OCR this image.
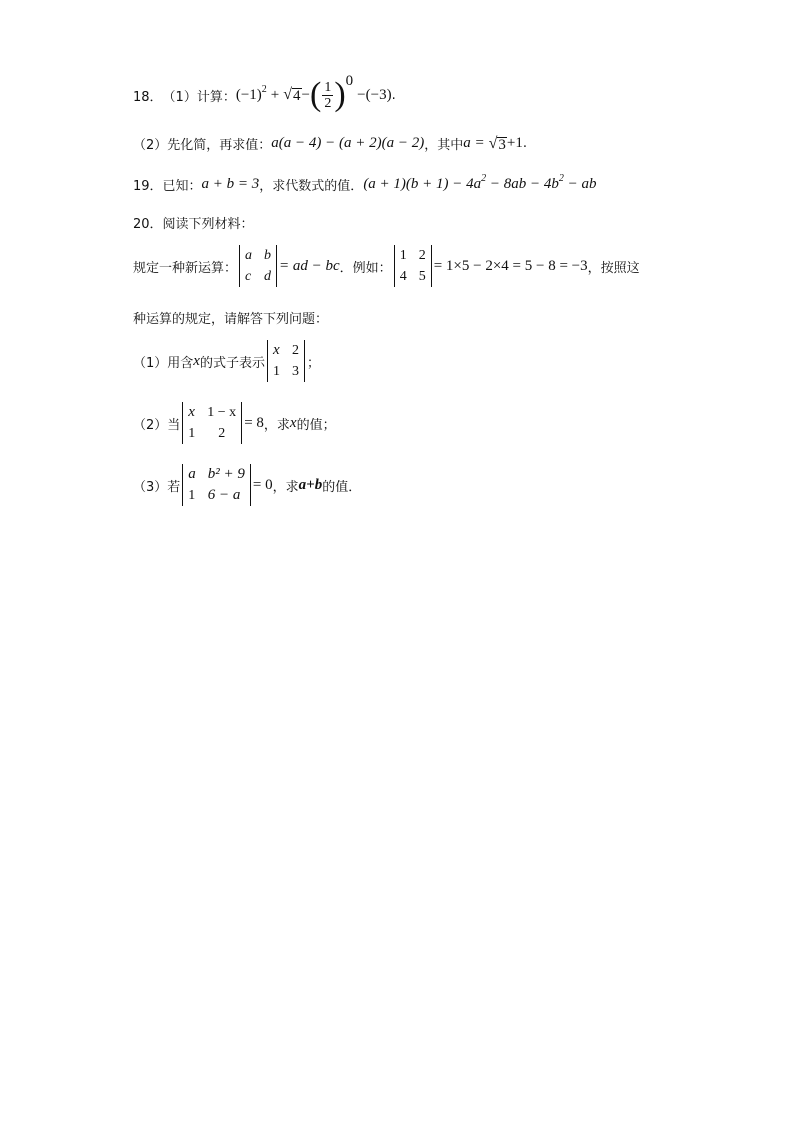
18． （1）计算： $(-1)^2$ + √ 4 − ( $\frac{1}{2} )^0$
−(−3) .
（2）先化简，再求值： a(a − 4) − (a + 2)(a − 2) ，其中 a = √ 3 +1 .
19．已知： a + b = 3 ，求代数式的值． $(a + 1)(b + 1) - 4a^2 - 8ab - 4b^2$ − ab
20．阅读下列材料：
规定一种新运算：
a b
c d
= ad − bc ．例如：
1 2
4 5
= 1×5 − 2×4 = 5 − 8 = −3 ，按照这
种运算的规定，请解答下列问题：
（1）用含 x 的式子表示
x 2
1 3
；
（2）当
x 1 − x
1	2
= 8 ，求 x 的值；
（3）若
a b² + 9
1 6 − a
= 0 ，求 a+b 的值．
